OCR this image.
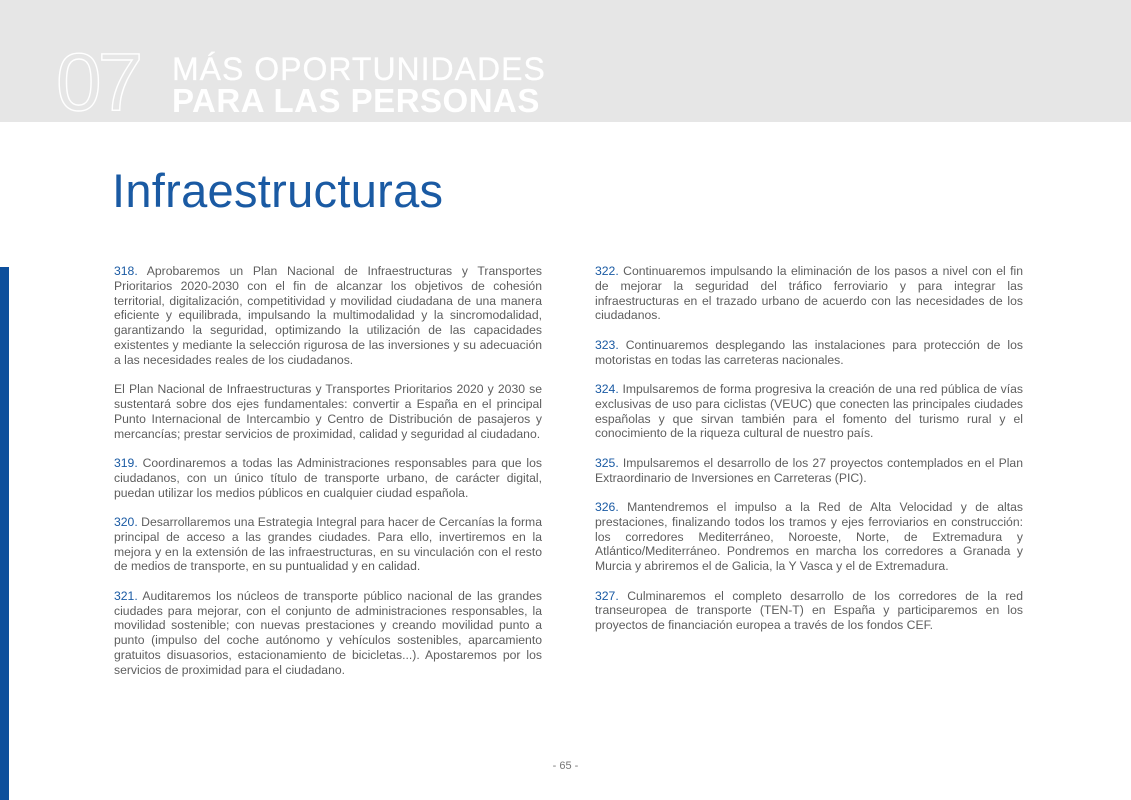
07 MÁS OPORTUNIDADES
PARA LAS PERSONAS
Infraestructuras

318. Aprobaremos un Plan Nacional de Infraestructuras y Transportes Prioritarios 2020-2030 con el fin de alcanzar los objetivos de cohesión territorial, digitalización, competitividad y movilidad ciudadana de una manera eficiente y equilibrada, impulsando la multimodalidad y la sincromodalidad, garantizando la seguridad, optimizando la utilización de las capacidades existentes y mediante la selección rigurosa de las inversiones y su adecuación a las necesidades reales de los ciudadanos.

El Plan Nacional de Infraestructuras y Transportes Prioritarios 2020 y 2030 se sustentará sobre dos ejes fundamentales: convertir a España en el principal Punto Internacional de Intercambio y Centro de Distribución de pasajeros y mercancías; prestar servicios de proximidad, calidad y seguridad al ciudadano.

319. Coordinaremos a todas las Administraciones responsables para que los ciudadanos, con un único título de transporte urbano, de carácter digital, puedan utilizar los medios públicos en cualquier ciudad española.

320. Desarrollaremos una Estrategia Integral para hacer de Cercanías la forma principal de acceso a las grandes ciudades. Para ello, invertiremos en la mejora y en la extensión de las infraestructuras, en su vinculación con el resto de medios de transporte, en su puntualidad y en calidad.

321. Auditaremos los núcleos de transporte público nacional de las grandes ciudades para mejorar, con el conjunto de administraciones responsables, la movilidad sostenible; con nuevas prestaciones y creando movilidad punto a punto (impulso del coche autónomo y vehículos sostenibles, aparcamiento gratuitos disuasorios, estacionamiento de bicicletas...). Apostaremos por los servicios de proximidad para el ciudadano.

322. Continuaremos impulsando la eliminación de los pasos a nivel con el fin de mejorar la seguridad del tráfico ferroviario y para integrar las infraestructuras en el trazado urbano de acuerdo con las necesidades de los ciudadanos.

323. Continuaremos desplegando las instalaciones para protección de los motoristas en todas las carreteras nacionales.

324. Impulsaremos de forma progresiva la creación de una red pública de vías exclusivas de uso para ciclistas (VEUC) que conecten las principales ciudades españolas y que sirvan también para el fomento del turismo rural y el conocimiento de la riqueza cultural de nuestro país.

325. Impulsaremos el desarrollo de los 27 proyectos contemplados en el Plan Extraordinario de Inversiones en Carreteras (PIC).

326. Mantendremos el impulso a la Red de Alta Velocidad y de altas prestaciones, finalizando todos los tramos y ejes ferroviarios en construcción: los corredores Mediterráneo, Noroeste, Norte, de Extremadura y Atlántico/Mediterráneo. Pondremos en marcha los corredores a Granada y Murcia y abriremos el de Galicia, la Y Vasca y el de Extremadura.

327. Culminaremos el completo desarrollo de los corredores de la red transeuropea de transporte (TEN-T) en España y participaremos en los proyectos de financiación europea a través de los fondos CEF.

- 65 -
